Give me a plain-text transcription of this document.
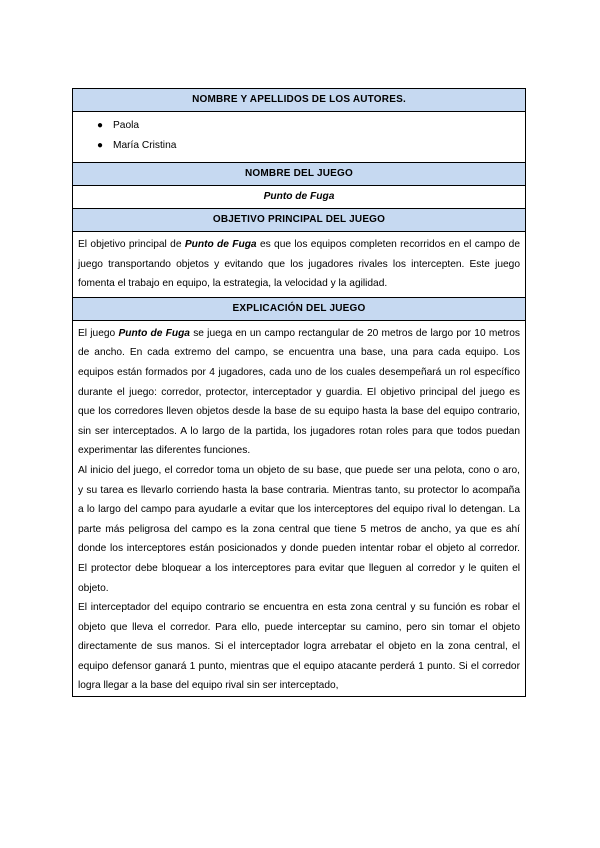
NOMBRE Y APELLIDOS DE LOS AUTORES.
● Paola
● María Cristina
NOMBRE DEL JUEGO
Punto de Fuga
OBJETIVO PRINCIPAL DEL JUEGO

El objetivo principal de Punto de Fuga es que los equipos completen recorridos en el campo de juego transportando objetos y evitando que los jugadores rivales los intercepten. Este juego fomenta el trabajo en equipo, la estrategia, la velocidad y la agilidad.

EXPLICACIÓN DEL JUEGO

El juego Punto de Fuga se juega en un campo rectangular de 20 metros de largo por 10 metros de ancho. En cada extremo del campo, se encuentra una base, una para cada equipo. Los equipos están formados por 4 jugadores, cada uno de los cuales desempeñará un rol específico durante el juego: corredor, protector, interceptador y guardia. El objetivo principal del juego es que los corredores lleven objetos desde la base de su equipo hasta la base del equipo contrario, sin ser interceptados. A lo largo de la partida, los jugadores rotan roles para que todos puedan experimentar las diferentes funciones.

Al inicio del juego, el corredor toma un objeto de su base, que puede ser una pelota, cono o aro, y su tarea es llevarlo corriendo hasta la base contraria. Mientras tanto, su protector lo acompaña a lo largo del campo para ayudarle a evitar que los interceptores del equipo rival lo detengan. La parte más peligrosa del campo es la zona central que tiene 5 metros de ancho, ya que es ahí donde los interceptores están posicionados y donde pueden intentar robar el objeto al corredor. El protector debe bloquear a los interceptores para evitar que lleguen al corredor y le quiten el objeto.

El interceptador del equipo contrario se encuentra en esta zona central y su función es robar el objeto que lleva el corredor. Para ello, puede interceptar su camino, pero sin tomar el objeto directamente de sus manos. Si el interceptador logra arrebatar el objeto en la zona central, el equipo defensor ganará 1 punto, mientras que el equipo atacante perderá 1 punto. Si el corredor logra llegar a la base del equipo rival sin ser interceptado,
